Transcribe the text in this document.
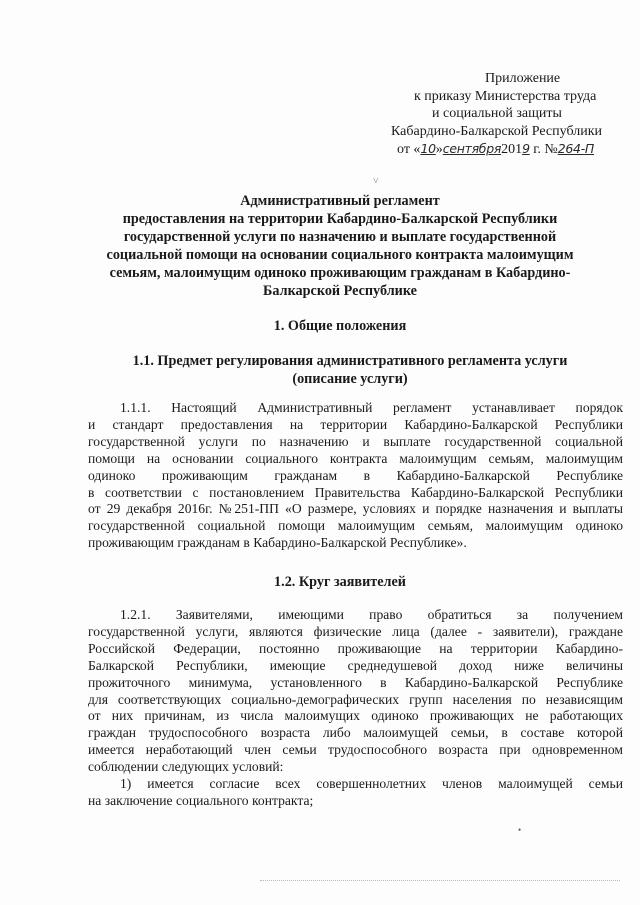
Приложение
к приказу Министерства труда
и социальной защиты
Кабардино-Балкарской Республики
от «10»сентября2019 г. №264-П
˅
Административный регламент
предоставления на территории Кабардино-Балкарской Республики
государственной услуги по назначению и выплате государственной
социальной помощи на основании социального контракта малоимущим
семьям, малоимущим одиноко проживающим гражданам в Кабардино-
Балкарской Республике
1. Общие положения
1.1. Предмет регулирования административного регламента услуги
(описание услуги)
1.1.1. Настоящий Административный регламент устанавливает порядок
и стандарт предоставления на территории Кабардино-Балкарской Республики
государственной услуги по назначению и выплате государственной социальной
помощи на основании социального контракта малоимущим семьям, малоимущим
одиноко проживающим гражданам в Кабардино-Балкарской Республике
в соответствии с постановлением Правительства Кабардино-Балкарской Республики
от 29 декабря 2016г. №251-ПП «О размере, условиях и порядке назначения и выплаты
государственной социальной помощи малоимущим семьям, малоимущим одиноко
проживающим гражданам в Кабардино-Балкарской Республике».
1.2. Круг заявителей
1.2.1. Заявителями, имеющими право обратиться за получением
государственной услуги, являются физические лица (далее - заявители), граждане
Российской Федерации, постоянно проживающие на территории Кабардино-
Балкарской Республики, имеющие среднедушевой доход ниже величины
прожиточного минимума, установленного в Кабардино-Балкарской Республике
для соответствующих социально-демографических групп населения по независящим
от них причинам, из числа малоимущих одиноко проживающих не работающих
граждан трудоспособного возраста либо малоимущей семьи, в составе которой
имеется неработающий член семьи трудоспособного возраста при одновременном
соблюдении следующих условий:
1) имеется согласие всех совершеннолетних членов малоимущей семьи
на заключение социального контракта;
•
